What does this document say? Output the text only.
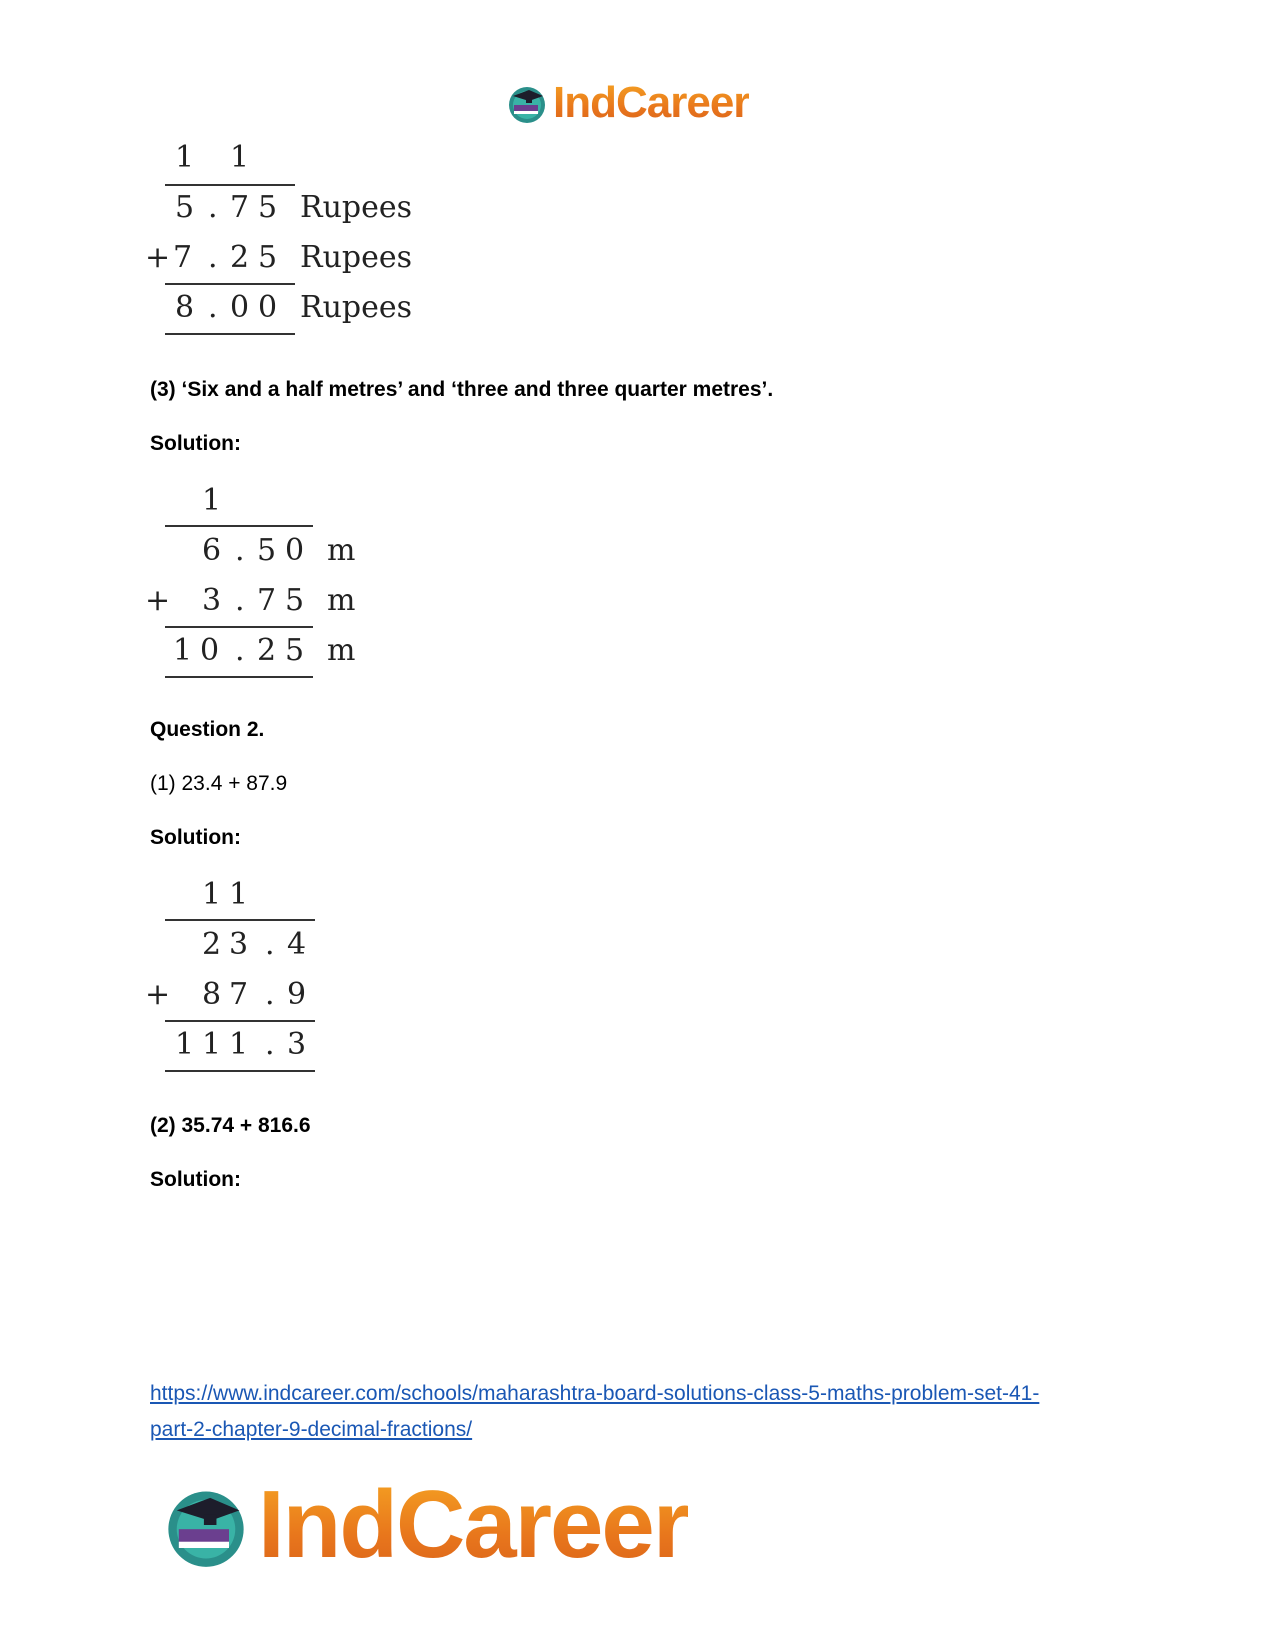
IndCareer
1 1
5 . 7 5 Rupees
+ 7 . 2 5 Rupees
8 . 0 0 Rupees
(3) ‘Six and a half metres’ and ‘three and three quarter metres’.
Solution:
1
6 . 5 0 m
+ 3 . 7 5 m
1 0 . 2 5 m
Question 2.
(1) 23.4 + 87.9
Solution:
1 1
2 3 . 4
+ 8 7 . 9
1 1 1 . 3
(2) 35.74 + 816.6
Solution:
https://www.indcareer.com/schools/maharashtra-board-solutions-class-5-maths-problem-set-41-
part-2-chapter-9-decimal-fractions/
IndCareer
